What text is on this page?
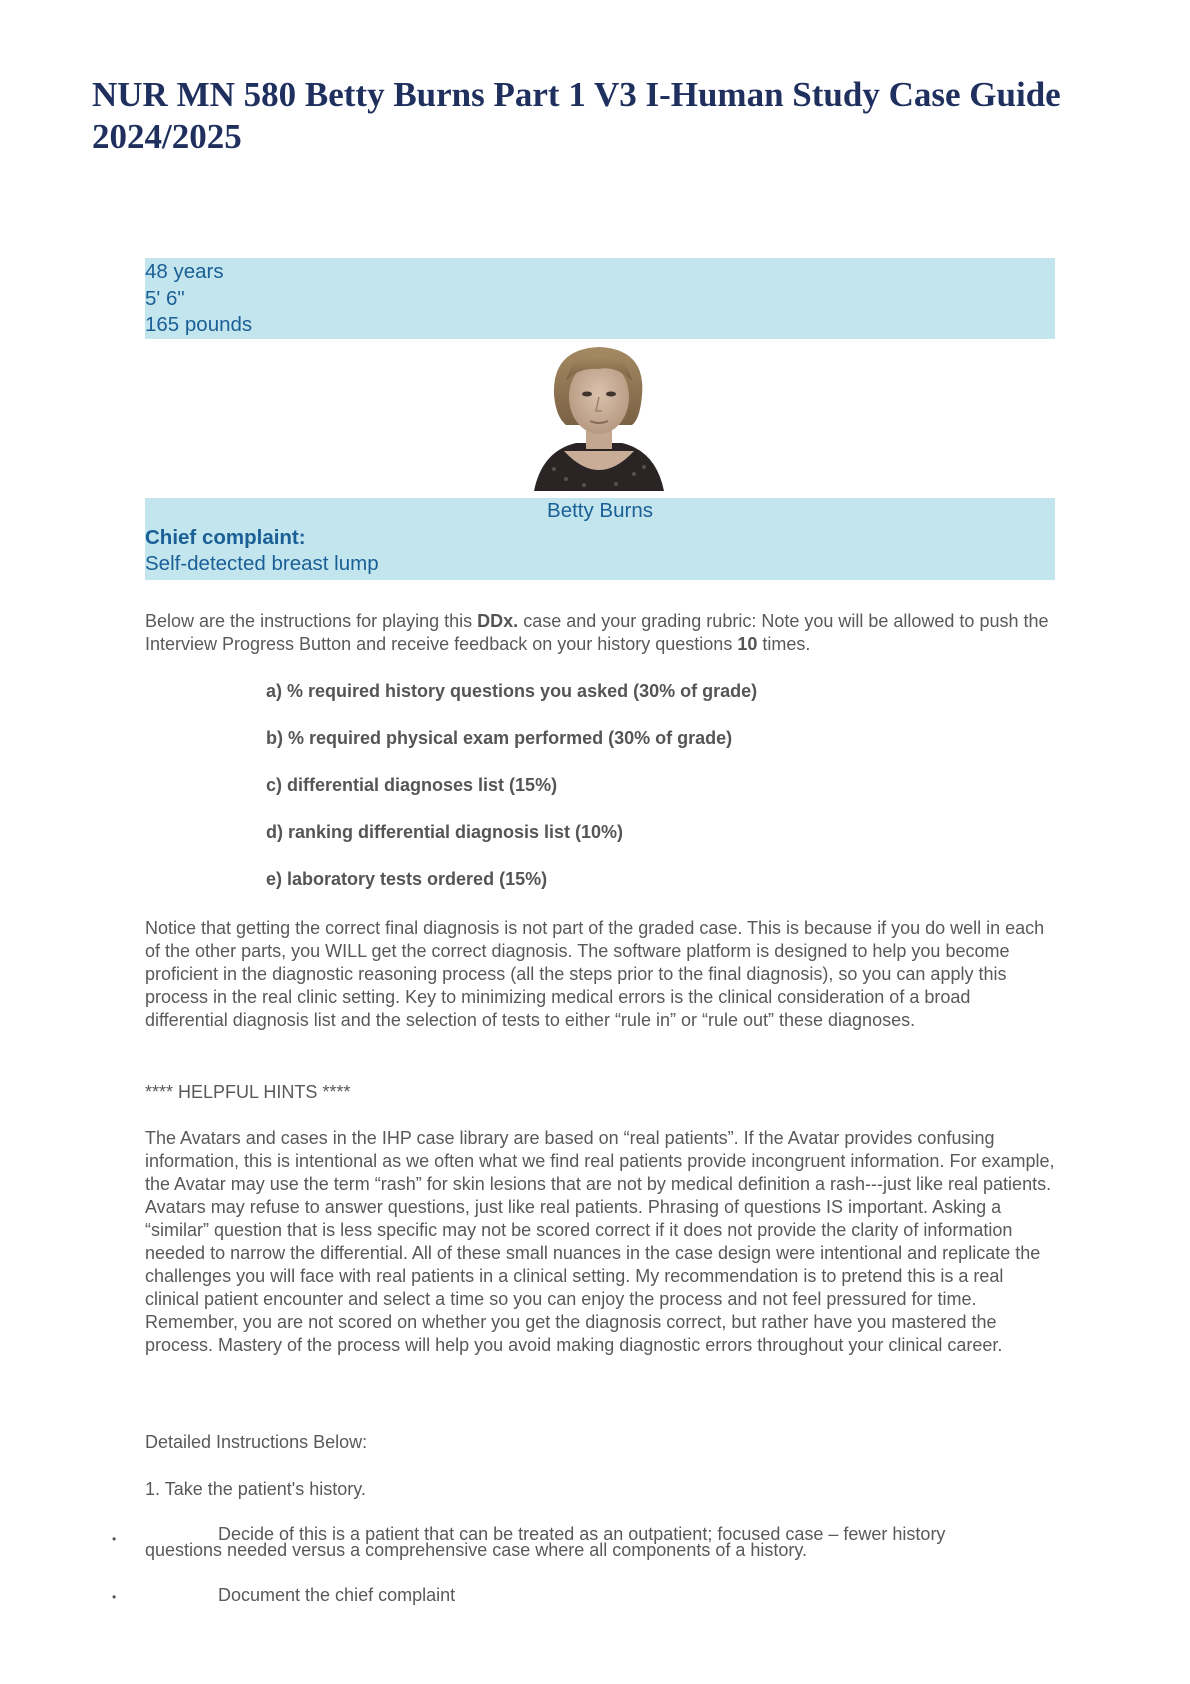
NUR MN 580 Betty Burns Part 1 V3 I-Human Study Case Guide 2024/2025
48 years
5' 6"
165 pounds
Betty Burns
Chief complaint:
Self-detected breast lump

Below are the instructions for playing this DDx. case and your grading rubric: Note you will be allowed to push the Interview Progress Button and receive feedback on your history questions 10 times.

a) % required history questions you asked (30% of grade)
b) % required physical exam performed (30% of grade)
c) differential diagnoses list (15%)
d) ranking differential diagnosis list (10%)
e) laboratory tests ordered (15%)
Notice that getting the correct final diagnosis is not part of the graded case. This is because if you do well in each of the other parts, you WILL get the correct diagnosis. The software platform is designed to help you become proficient in the diagnostic reasoning process (all the steps prior to the final diagnosis), so you can apply this process in the real clinic setting. Key to minimizing medical errors is the clinical consideration of a broad differential diagnosis list and the selection of tests to either “rule in” or “rule out” these diagnoses.
**** HELPFUL HINTS ****
The Avatars and cases in the IHP case library are based on “real patients”. If the Avatar provides confusing information, this is intentional as we often what we find real patients provide incongruent information. For example, the Avatar may use the term “rash” for skin lesions that are not by medical definition a rash---just like real patients. Avatars may refuse to answer questions, just like real patients. Phrasing of questions IS important. Asking a “similar” question that is less specific may not be scored correct if it does not provide the clarity of information needed to narrow the differential. All of these small nuances in the case design were intentional and replicate the challenges you will face with real patients in a clinical setting. My recommendation is to pretend this is a real clinical patient encounter and select a time so you can enjoy the process and not feel pressured for time. Remember, you are not scored on whether you get the diagnosis correct, but rather have you mastered the process. Mastery of the process will help you avoid making diagnostic errors throughout your clinical career.
Detailed Instructions Below:
1. Take the patient's history.
•	Decide of this is a patient that can be treated as an outpatient; focused case – fewer history
questions needed versus a comprehensive case where all components of a history.
•	Document the chief complaint
